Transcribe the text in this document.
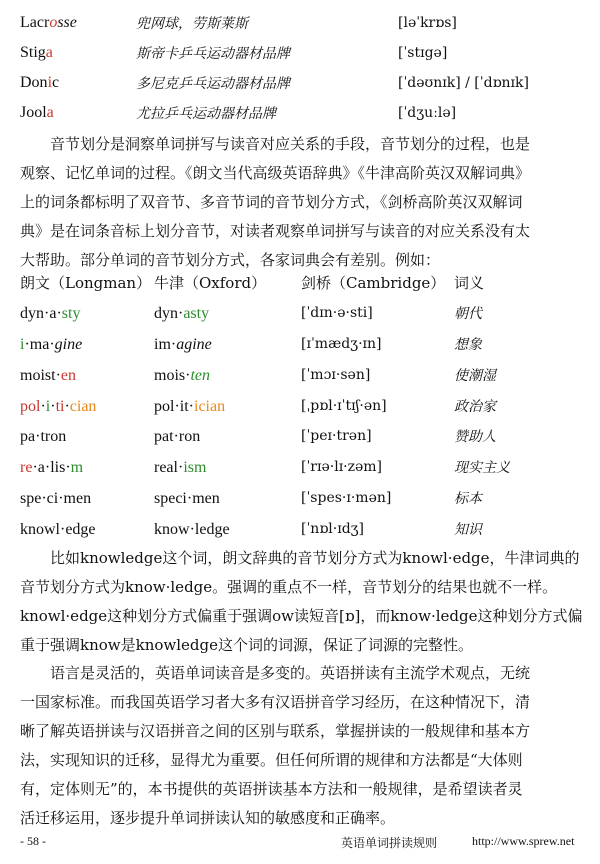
Lacrosse	兜网球，劳斯莱斯	[ləˈkrɒs]
Stiga	斯帝卡乒乓运动器材品牌	[ˈstɪgə]
Donic	多尼克乒乓运动器材品牌	[ˈdəʊnɪk] / [ˈdɒnɪk]
Joola	尤拉乒乓运动器材品牌	[ˈdʒuːlə]

音节划分是洞察单词拼写与读音对应关系的手段，音节划分的过程，也是
观察、记忆单词的过程。《朗文当代高级英语辞典》《牛津高阶英汉双解词典》
上的词条都标明了双音节、多音节词的音节划分方式，《剑桥高阶英汉双解词
典》是在词条音标上划分音节，对读者观察单词拼写与读音的对应关系没有太
大帮助。部分单词的音节划分方式，各家词典会有差别。例如：

朗文（Longman） 牛津（Oxford）	剑桥（Cambridge） 词义
dyn·a·sty	dyn·asty	[ˈdɪn·ə·sti]	朝代
i·ma·gine	im·agine	[ɪˈmædʒ·ɪn]	想象
moist·en	mois·ten	[ˈmɔɪ·sən]	使潮湿
pol·i·ti·cian	pol·it·ician	[ˌpɒl·ɪˈtɪʃ·ən]	政治家
pa·tron	pat·ron	[ˈpeɪ·trən]	赞助人
re·a·lis·m	real·ism	[ˈrɪə·lɪ·zəm]	现实主义
spe·ci·men	speci·men	[ˈspes·ɪ·mən]	标本
knowl·edge	know·ledge	[ˈnɒl·ɪdʒ]	知识

比如knowledge这个词，朗文辞典的音节划分方式为knowl·edge，牛津词典的
音节划分方式为know·ledge。强调的重点不一样，音节划分的结果也就不一样。
knowl·edge这种划分方式偏重于强调ow读短音[ɒ]，而know·ledge这种划分方式偏
重于强调know是knowledge这个词的词源，保证了词源的完整性。

语言是灵活的，英语单词读音是多变的。英语拼读有主流学术观点，无统
一国家标准。而我国英语学习者大多有汉语拼音学习经历，在这种情况下，清
晰了解英语拼读与汉语拼音之间的区别与联系，掌握拼读的一般规律和基本方
法，实现知识的迁移，显得尤为重要。但任何所谓的规律和方法都是“大体则
有，定体则无”的，本书提供的英语拼读基本方法和一般规律，是希望读者灵
活迁移运用，逐步提升单词拼读认知的敏感度和正确率。

- 58 -	英语单词拼读规则	http://www.sprew.net
